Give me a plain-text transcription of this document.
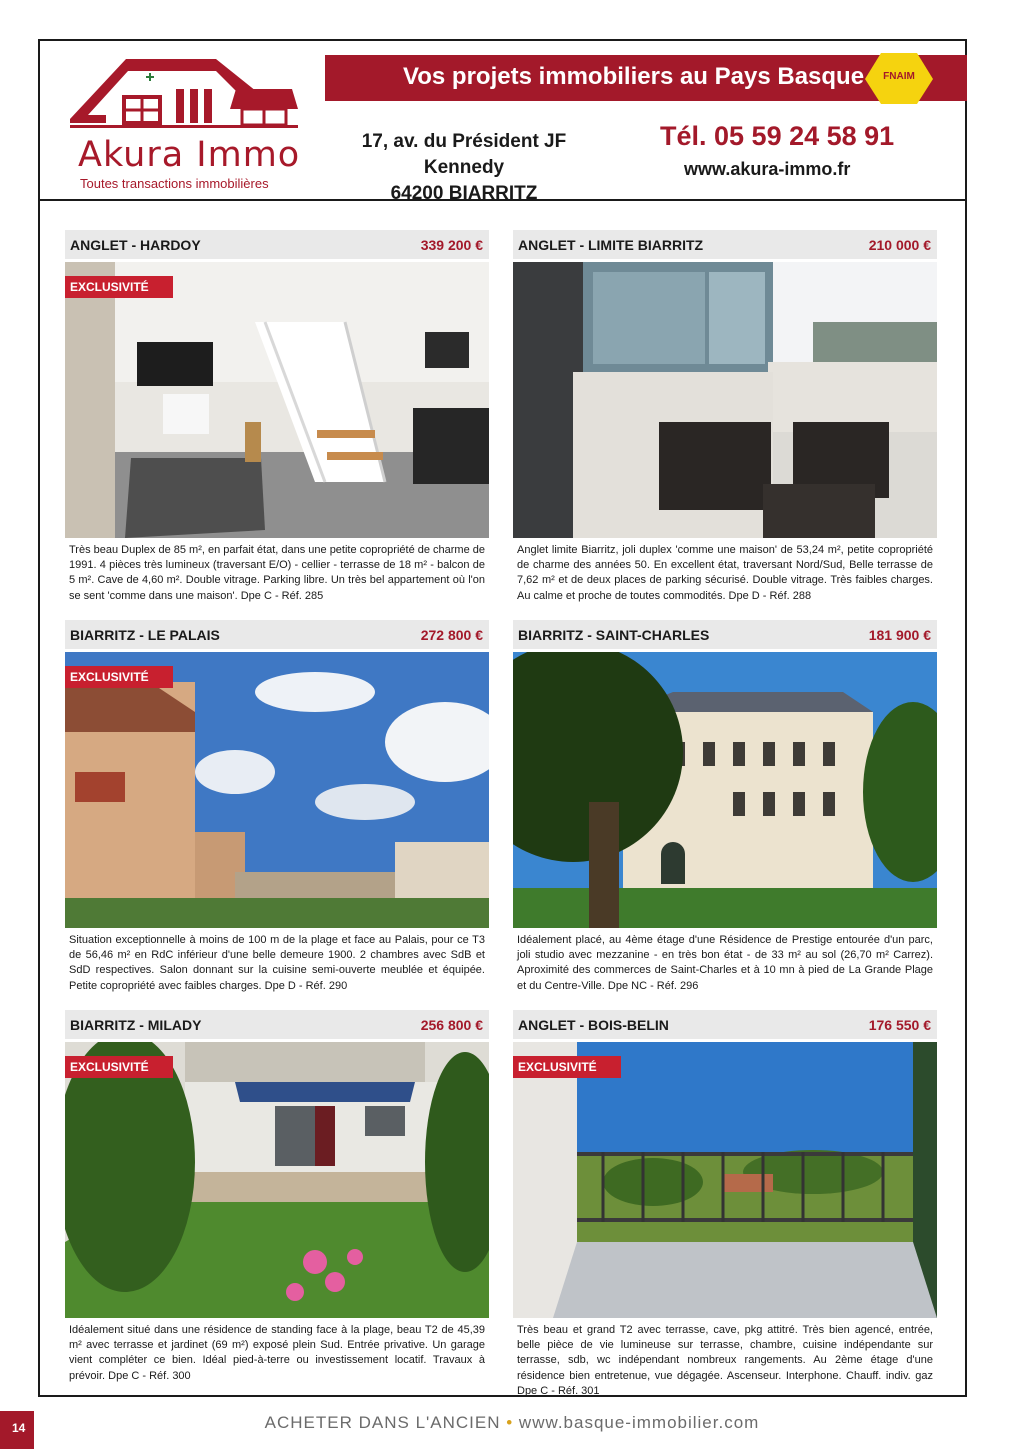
Akura Immo
Toutes transactions immobilières
Vos projets immobiliers au Pays Basque	FNAIM
17, av. du Président JF Kennedy
64200 BIARRITZ
Tél. 05 59 24 58 91
www.akura-immo.fr
ANGLET - HARDOY	339 200 €
EXCLUSIVITÉ
Très beau Duplex de 85 m², en parfait état, dans une petite copropriété de charme de 1991. 4 pièces très lumineux (traversant E/O) - cellier - terrasse de 18 m² - balcon de 5 m². Cave de 4,60 m². Double vitrage. Parking libre. Un très bel appartement où l'on se sent 'comme dans une maison'. Dpe C - Réf. 285
ANGLET - LIMITE BIARRITZ	210 000 €
Anglet limite Biarritz, joli duplex 'comme une maison' de 53,24 m², petite copropriété de charme des années 50. En excellent état, traversant Nord/Sud, Belle terrasse de 7,62 m² et de deux places de parking sécurisé. Double vitrage. Très faibles charges. Au calme et proche de toutes commodités. Dpe D - Réf. 288
BIARRITZ - LE PALAIS	272 800 €
EXCLUSIVITÉ
Situation exceptionnelle à moins de 100 m de la plage et face au Palais, pour ce T3 de 56,46 m² en RdC inférieur d'une belle demeure 1900. 2 chambres avec SdB et SdD respectives. Salon donnant sur la cuisine semi-ouverte meublée et équipée. Petite copropriété avec faibles charges. Dpe D - Réf. 290
BIARRITZ - SAINT-CHARLES	181 900 €
Idéalement placé, au 4ème étage d'une Résidence de Prestige entourée d'un parc, joli studio avec mezzanine - en très bon état - de 33 m² au sol (26,70 m² Carrez). Aproximité des commerces de Saint-Charles et à 10 mn à pied de La Grande Plage et du Centre-Ville. Dpe NC - Réf. 296
BIARRITZ - MILADY	256 800 €
EXCLUSIVITÉ
Idéalement situé dans une résidence de standing face à la plage, beau T2 de 45,39 m² avec terrasse et jardinet (69 m²) exposé plein Sud. Entrée privative. Un garage vient compléter ce bien. Idéal pied-à-terre ou investissement locatif. Travaux à prévoir. Dpe C - Réf. 300
ANGLET - BOIS-BELIN	176 550 €
EXCLUSIVITÉ
Très beau et grand T2 avec terrasse, cave, pkg attitré. Très bien agencé, entrée, belle pièce de vie lumineuse sur terrasse, chambre, cuisine indépendante sur terrasse, sdb, wc indépendant nombreux rangements. Au 2ème étage d'une résidence bien entretenue, vue dégagée. Ascenseur. Interphone. Chauff. indiv. gaz Dpe C - Réf. 301
14	ACHETER DANS L'ANCIEN • www.basque-immobilier.com
